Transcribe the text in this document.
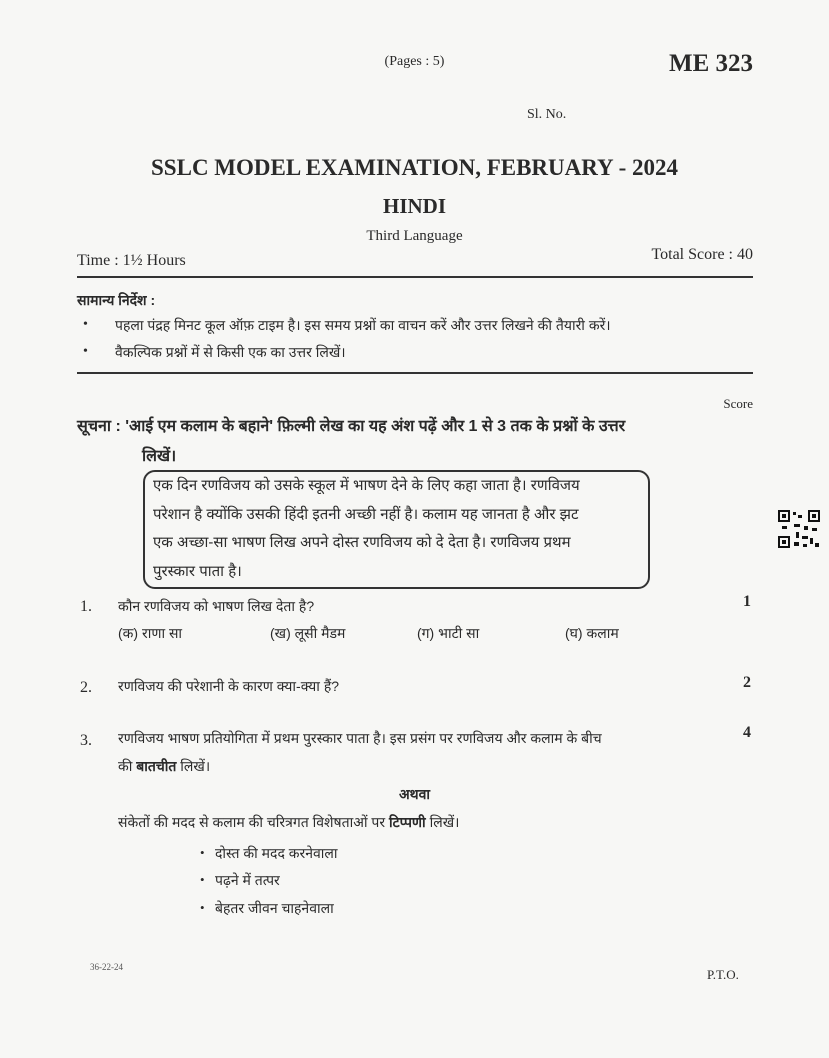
(Pages : 5)	ME 323
Sl. No.
SSLC MODEL EXAMINATION, FEBRUARY - 2024
HINDI
Third Language
Time : 1½ Hours	Total Score : 40
सामान्य निर्देश :
• पहला पंद्रह मिनट कूल ऑफ़ टाइम है। इस समय प्रश्नों का वाचन करें और उत्तर लिखने की तैयारी करें।
• वैकल्पिक प्रश्नों में से किसी एक का उत्तर लिखें।
Score
सूचना : 'आई एम कलाम के बहाने' फ़िल्मी लेख का यह अंश पढ़ें और 1 से 3 तक के प्रश्नों के उत्तर
लिखें।
एक दिन रणविजय को उसके स्कूल में भाषण देने के लिए कहा जाता है। रणविजय
परेशान है क्योंकि उसकी हिंदी इतनी अच्छी नहीं है। कलाम यह जानता है और झट
एक अच्छा-सा भाषण लिख अपने दोस्त रणविजय को दे देता है। रणविजय प्रथम
पुरस्कार पाता है।
1. कौन रणविजय को भाषण लिख देता है?	1
(क) राणा सा	(ख) लूसी मैडम	(ग) भाटी सा	(घ) कलाम
2. रणविजय की परेशानी के कारण क्या-क्या हैं?	2
3. रणविजय भाषण प्रतियोगिता में प्रथम पुरस्कार पाता है। इस प्रसंग पर रणविजय और कलाम के बीच	4
की बातचीत लिखें।
अथवा
संकेतों की मदद से कलाम की चरित्रगत विशेषताओं पर टिप्पणी लिखें।
• दोस्त की मदद करनेवाला
• पढ़ने में तत्पर
• बेहतर जीवन चाहनेवाला
36-22-24	P.T.O.
